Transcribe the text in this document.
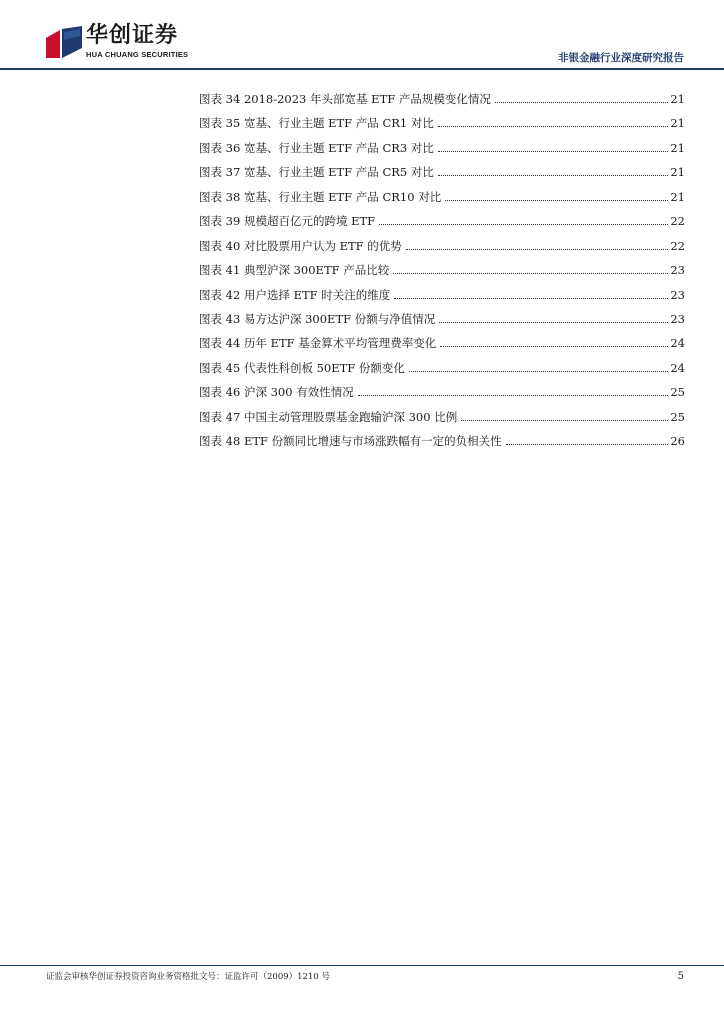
华创证券
HUA CHUANG SECURITIES	非银金融行业深度研究报告
图表 34 2018-2023 年头部宽基 ETF 产品规模变化情况	21
图表 35 宽基、行业主题 ETF 产品 CR1 对比	21
图表 36 宽基、行业主题 ETF 产品 CR3 对比	21
图表 37 宽基、行业主题 ETF 产品 CR5 对比	21
图表 38 宽基、行业主题 ETF 产品 CR10 对比	21
图表 39 规模超百亿元的跨境 ETF	22
图表 40 对比股票用户认为 ETF 的优势	22
图表 41 典型沪深 300ETF 产品比较	23
图表 42 用户选择 ETF 时关注的维度	23
图表 43 易方达沪深 300ETF 份额与净值情况	23
图表 44 历年 ETF 基金算术平均管理费率变化	24
图表 45 代表性科创板 50ETF 份额变化	24
图表 46 沪深 300 有效性情况	25
图表 47 中国主动管理股票基金跑输沪深 300 比例	25
图表 48 ETF 份额同比增速与市场涨跌幅有一定的负相关性	26
证监会审核华创证券投资咨询业务资格批文号：证监许可（2009）1210 号	5
